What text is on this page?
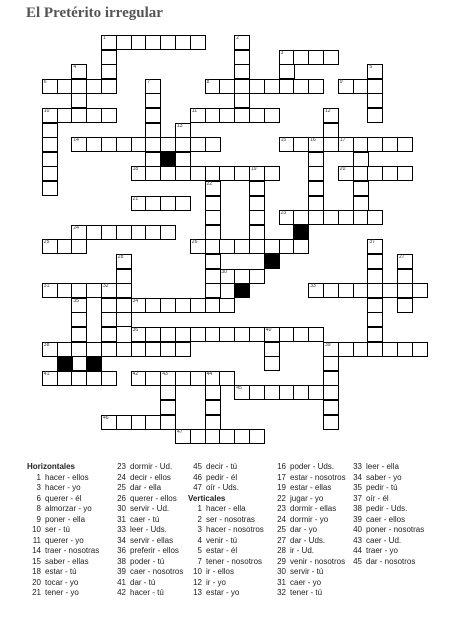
El Pretérito irregular
1
3
6	8	9
10	11
14	15	17
18	19	20
21
23
24
25	26
30
31	32	33
34
36	40
38	39
41	42	43	44
45
46
47
2
4	5
7
12
13
16
22
37
27
28
35
Horizontales
1 hacer - ellos
3 hacer - yo
6 querer - él
8 almorzar - yo
9 poner - ella
10 ser - tú
11 querer - yo
14 traer - nosotras
15 saber - ellas
18 estar - tú
20 tocar - yo
21 tener - yo
23 dormir - Ud.
24 decir - ellos
25 dar - ella
26 querer - ellos
30 servir - Ud.
31 caer - tú
33 leer - Uds.
34 servir - ellas
36 preferir - ellos
38 poder - tú
39 caer - nosotros
41 dar - tú
42 hacer - tú
45 decir - tú
46 pedir - él
47 oír - Uds.
Verticales
1 hacer - ella
2 ser - nosotras
3 hacer - nosotros
4 venir - tú
5 estar - él
7 tener - nosotros
10 ir - ellos
12 ir - yo
13 estar - yo
16 poder - Uds.
17 estar - nosotros
19 estar - ellas
22 jugar - yo
23 dormir - ellas
24 dormir - yo
25 dar - yo
27 dar - Uds.
28 ir - Ud.
29 venir - nosotros
30 servir - tú
31 caer - yo
32 tener - tú
33 leer - ella
34 saber - yo
35 pedir - tú
37 oír - él
38 pedir - Uds.
39 caer - ellos
40 poner - nosotras
43 caer - Ud.
44 traer - yo
45 dar - nosotros
